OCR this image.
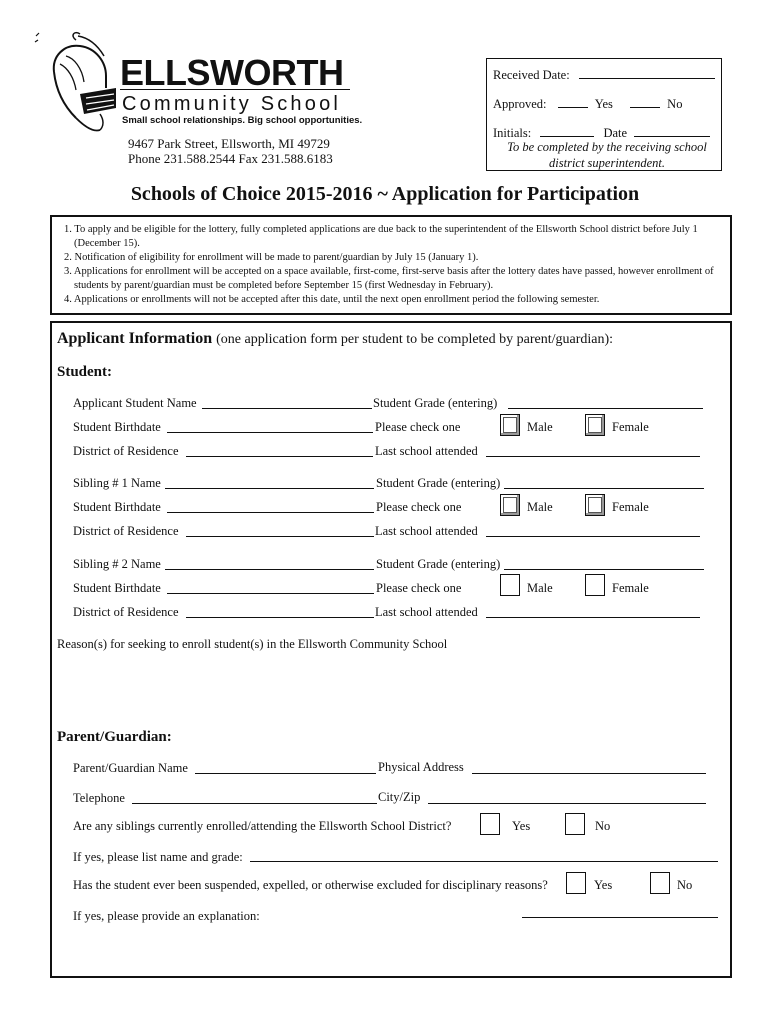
ELLSWORTH
Community School
Small school relationships. Big school opportunities.
9467 Park Street, Ellsworth, MI 49729
Phone 231.588.2544 Fax 231.588.6183
Received Date:
Approved:	Yes	No
Initials:	Date
To be completed by the receiving school district superintendent.
Schools of Choice 2015-2016 ~ Application for Participation
1. To apply and be eligible for the lottery, fully completed applications are due back to the superintendent of the Ellsworth School district before July 1 (December 15).
2. Notification of eligibility for enrollment will be made to parent/guardian by July 15 (January 1).
3. Applications for enrollment will be accepted on a space available, first-come, first-serve basis after the lottery dates have passed, however enrollment of students by parent/guardian must be completed before September 15 (first Wednesday in February).
4. Applications or enrollments will not be accepted after this date, until the next open enrollment period the following semester.
Applicant Information (one application form per student to be completed by parent/guardian):
Student:
Applicant Student Name	Student Grade (entering)
Student Birthdate	Please check one	Male	Female
District of Residence	Last school attended
Sibling # 1 Name	Student Grade (entering)
Student Birthdate	Please check one	Male	Female
District of Residence	Last school attended
Sibling # 2 Name	Student Grade (entering)
Student Birthdate	Please check one	Male	Female
District of Residence	Last school attended
Reason(s) for seeking to enroll student(s) in the Ellsworth Community School
Parent/Guardian:
Parent/Guardian Name	Physical Address
Telephone	City/Zip
Are any siblings currently enrolled/attending the Ellsworth School District?	Yes	No
If yes, please list name and grade:
Has the student ever been suspended, expelled, or otherwise excluded for disciplinary reasons?	Yes	No
If yes, please provide an explanation:
